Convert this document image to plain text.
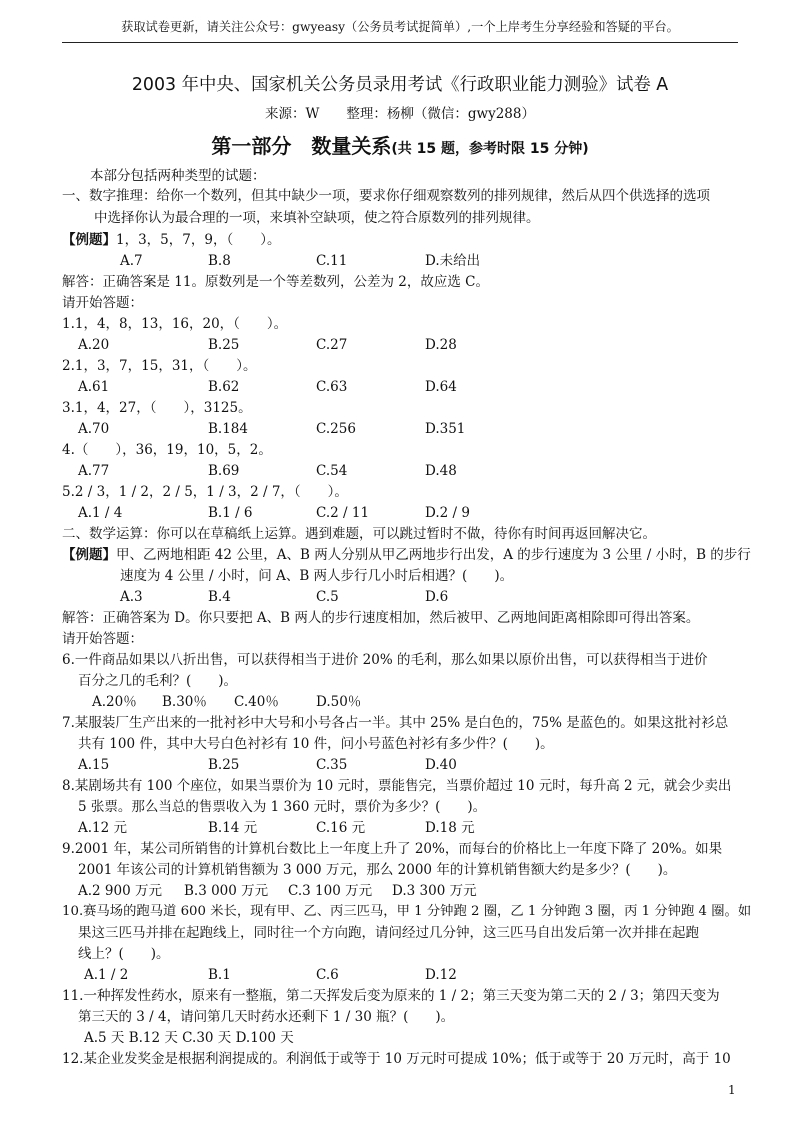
获取试卷更新，请关注公众号：gwyeasy（公务员考试捉简单）,一个上岸考生分享经验和答疑的平台。
2003 年中央、国家机关公务员录用考试《行政职业能力测验》试卷 A
来源：W　　整理：杨柳（微信：gwy288）
第一部分　数量关系(共 15 题，参考时限 15 分钟)
本部分包括两种类型的试题：
一、数字推理：给你一个数列，但其中缺少一项，要求你仔细观察数列的排列规律，然后从四个供选择的选项
中选择你认为最合理的一项，来填补空缺项，使之符合原数列的排列规律。
【例题】1，3，5，7，9，（　　）。
A.7	B.8	C.11	D.未给出
解答：正确答案是 11。原数列是一个等差数列，公差为 2，故应选 C。
请开始答题：
1.1，4，8，13，16，20，（　　）。
A.20	B.25	C.27	D.28
2.1，3，7，15，31，（　　）。
A.61	B.62	C.63	D.64
3.1，4，27，（　　），3125。
A.70	B.184	C.256	D.351
4.（　　），36，19，10，5，2。
A.77	B.69	C.54	D.48
5.2 / 3，1 / 2，2 / 5，1 / 3，2 / 7，（　　）。
A.1 / 4	B.1 / 6	C.2 / 11	D.2 / 9
二、数学运算：你可以在草稿纸上运算。遇到难题，可以跳过暂时不做，待你有时间再返回解决它。
【例题】甲、乙两地相距 42 公里，A、B 两人分别从甲乙两地步行出发，A 的步行速度为 3 公里 / 小时，B 的步行
速度为 4 公里 / 小时，问 A、B 两人步行几小时后相遇？(　　)。
A.3	B.4	C.5	D.6
解答：正确答案为 D。你只要把 A、B 两人的步行速度相加，然后被甲、乙两地间距离相除即可得出答案。
请开始答题：
6.一件商品如果以八折出售，可以获得相当于进价 20% 的毛利，那么如果以原价出售，可以获得相当于进价
百分之几的毛利？(　　)。
A.20％ B.30％ C.40％	D.50％
7.某服装厂生产出来的一批衬衫中大号和小号各占一半。其中 25% 是白色的，75% 是蓝色的。如果这批衬衫总
共有 100 件，其中大号白色衬衫有 10 件，问小号蓝色衬衫有多少件？(　　)。
A.15	B.25	C.35	D.40
8.某剧场共有 100 个座位，如果当票价为 10 元时，票能售完，当票价超过 10 元时，每升高 2 元，就会少卖出
5 张票。那么当总的售票收入为 1 360 元时，票价为多少？(　　)。
A.12 元	B.14 元	C.16 元	D.18 元
9.2001 年，某公司所销售的计算机台数比上一年度上升了 20%，而每台的价格比上一年度下降了 20%。如果
2001 年该公司的计算机销售额为 3 000 万元，那么 2000 年的计算机销售额大约是多少？(　　)。
A.2 900 万元 B.3 000 万元 C.3 100 万元 D.3 300 万元
10.赛马场的跑马道 600 米长，现有甲、乙、丙三匹马，甲 1 分钟跑 2 圈，乙 1 分钟跑 3 圈，丙 1 分钟跑 4 圈。如
果这三匹马并排在起跑线上，同时往一个方向跑，请问经过几分钟，这三匹马自出发后第一次并排在起跑
线上？(　　)。
A.1 / 2	B.1	C.6	D.12
11.一种挥发性药水，原来有一整瓶，第二天挥发后变为原来的 1 / 2；第三天变为第二天的 2 / 3；第四天变为
第三天的 3 / 4，请问第几天时药水还剩下 1 / 30 瓶？(　　)。
A.5 天 B.12 天 C.30 天 D.100 天
12.某企业发奖金是根据利润提成的。利润低于或等于 10 万元时可提成 10%；低于或等于 20 万元时，高于 10
1
